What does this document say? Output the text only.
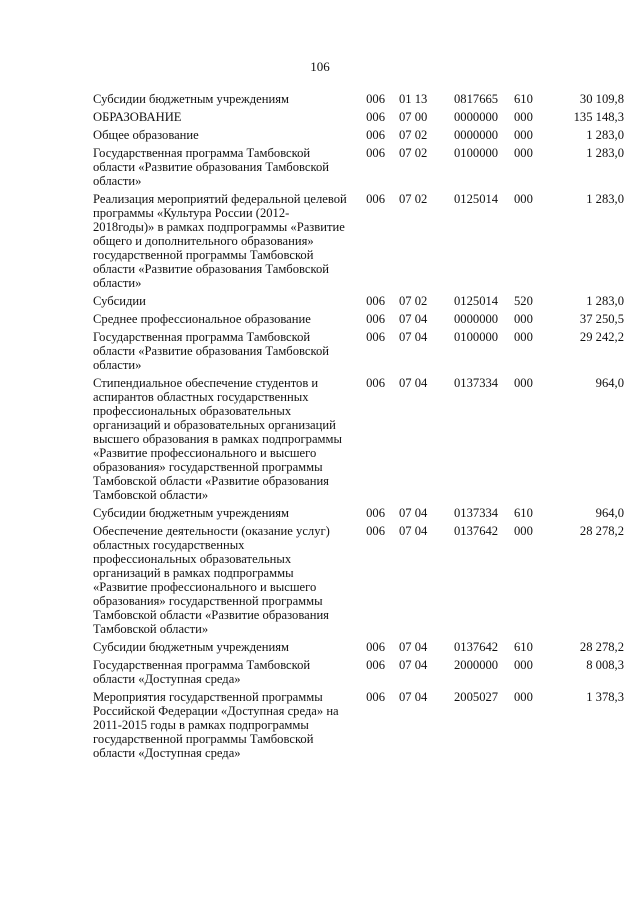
106
Субсидии бюджетным учреждениям	006	01 13	0817665	610	30 109,8
ОБРАЗОВАНИЕ	006	07 00	0000000	000	135 148,3
Общее образование	006	07 02	0000000	000	1 283,0
Государственная программа Тамбовской области «Развитие образования Тамбовской области»	006	07 02	0100000	000	1 283,0
Реализация мероприятий федеральной целевой программы «Культура России (2012-2018годы)» в рамках подпрограммы «Развитие общего и дополнительного образования» государственной программы Тамбовской области «Развитие образования Тамбовской области»	006	07 02	0125014	000	1 283,0
Субсидии	006	07 02	0125014	520	1 283,0
Среднее профессиональное образование	006	07 04	0000000	000	37 250,5
Государственная программа Тамбовской области «Развитие образования Тамбовской области»	006	07 04	0100000	000	29 242,2
Стипендиальное обеспечение студентов и аспирантов областных государственных профессиональных образовательных организаций и образовательных организаций высшего образования в рамках подпрограммы «Развитие профессионального и высшего образования» государственной программы Тамбовской области «Развитие образования Тамбовской области»	006	07 04	0137334	000	964,0
Субсидии бюджетным учреждениям	006	07 04	0137334	610	964,0
Обеспечение деятельности (оказание услуг) областных государственных профессиональных образовательных организаций в рамках подпрограммы «Развитие профессионального и высшего образования» государственной программы Тамбовской области «Развитие образования Тамбовской области»	006	07 04	0137642	000	28 278,2
Субсидии бюджетным учреждениям	006	07 04	0137642	610	28 278,2
Государственная программа Тамбовской области «Доступная среда»	006	07 04	2000000	000	8 008,3
Мероприятия государственной программы Российской Федерации «Доступная среда» на 2011-2015 годы в рамках подпрограммы государственной программы Тамбовской области «Доступная среда»	006	07 04	2005027	000	1 378,3
